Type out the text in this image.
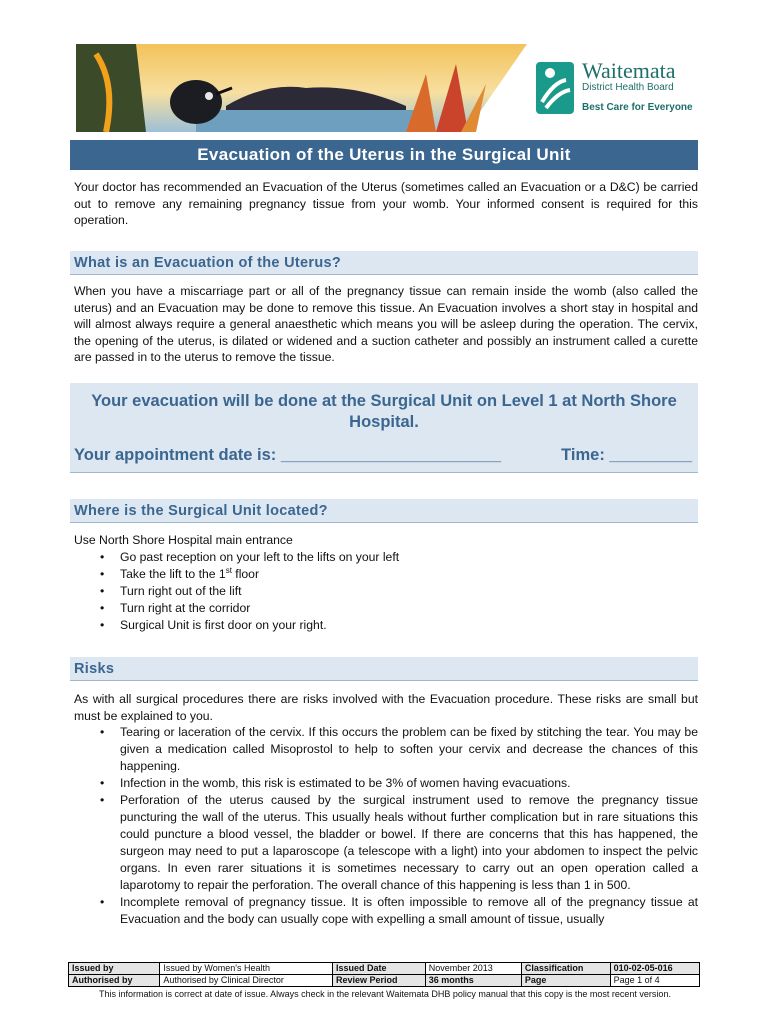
Waitemata
District Health Board
Best Care for Everyone
Evacuation of the Uterus in the Surgical Unit
Your doctor has recommended an Evacuation of the Uterus (sometimes called an Evacuation or a D&C) be carried out to remove any remaining pregnancy tissue from your womb. Your informed consent is required for this operation.
What is an Evacuation of the Uterus?
When you have a miscarriage part or all of the pregnancy tissue can remain inside the womb (also called the uterus) and an Evacuation may be done to remove this tissue. An Evacuation involves a short stay in hospital and will almost always require a general anaesthetic which means you will be asleep during the operation. The cervix, the opening of the uterus, is dilated or widened and a suction catheter and possibly an instrument called a curette are passed in to the uterus to remove the tissue.
Your evacuation will be done at the Surgical Unit on Level 1 at North Shore Hospital.
Your appointment date is: ________________________	Time: _________
Where is the Surgical Unit located?
Use North Shore Hospital main entrance
• Go past reception on your left to the lifts on your left
• Take the lift to the 1st floor
• Turn right out of the lift
• Turn right at the corridor
• Surgical Unit is first door on your right.
Risks
As with all surgical procedures there are risks involved with the Evacuation procedure. These risks are small but must be explained to you.
• Tearing or laceration of the cervix. If this occurs the problem can be fixed by stitching the tear. You may be given a medication called Misoprostol to help to soften your cervix and decrease the chances of this happening.
• Infection in the womb, this risk is estimated to be 3% of women having evacuations.
• Perforation of the uterus caused by the surgical instrument used to remove the pregnancy tissue puncturing the wall of the uterus. This usually heals without further complication but in rare situations this could puncture a blood vessel, the bladder or bowel. If there are concerns that this has happened, the surgeon may need to put a laparoscope (a telescope with a light) into your abdomen to inspect the pelvic organs. In even rarer situations it is sometimes necessary to carry out an open operation called a laparotomy to repair the perforation. The overall chance of this happening is less than 1 in 500.
• Incomplete removal of pregnancy tissue. It is often impossible to remove all of the pregnancy tissue at Evacuation and the body can usually cope with expelling a small amount of tissue, usually
Issued by	Issued by Women's Health	Issued Date	November 2013	Classification	010-02-05-016
Authorised by	Authorised by Clinical Director	Review Period	36 months	Page	Page 1 of 4
This information is correct at date of issue. Always check in the relevant Waitemata DHB policy manual that this copy is the most recent version.
